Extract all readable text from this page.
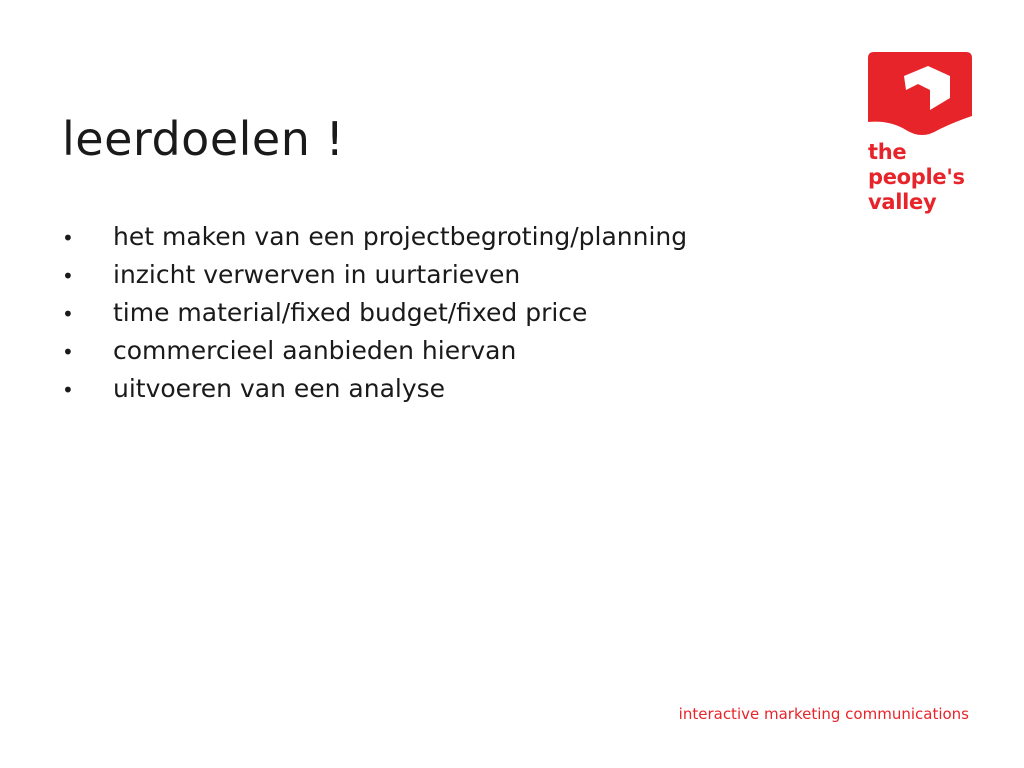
leerdoelen !
•	het maken van een projectbegroting/planning
•	inzicht verwerven in uurtarieven
•	time material/fixed budget/fixed price
•	commercieel aanbieden hiervan
•	uitvoeren van een analyse
the
people's
valley
interactive marketing communications
